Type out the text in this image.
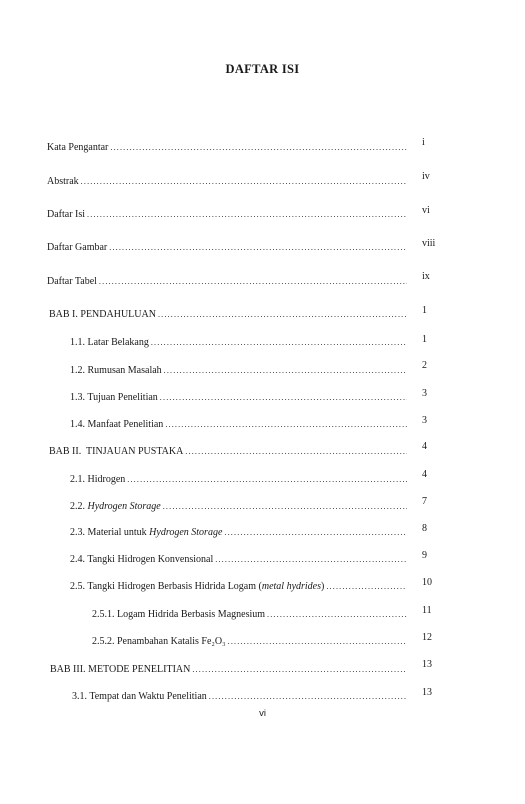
DAFTAR ISI
Kata Pengantar .....	i
Abstrak .....	iv
Daftar Isi .....	vi
Daftar Gambar .....	viii
Daftar Tabel .....	ix
BAB I. PENDAHULUAN .....	1
1.1. Latar Belakang .....	1
1.2. Rumusan Masalah .....	2
1.3. Tujuan Penelitian .....	3
1.4. Manfaat Penelitian .....	3
BAB II.  TINJAUAN PUSTAKA .....	4
2.1. Hidrogen .....	4
2.2. Hydrogen Storage .....	7
2.3. Material untuk Hydrogen Storage .....	8
2.4. Tangki Hidrogen Konvensional .....	9
2.5. Tangki Hidrogen Berbasis Hidrida Logam (metal hydrides) .....	10
2.5.1. Logam Hidrida Berbasis Magnesium .....	11
2.5.2. Penambahan Katalis Fe₂O₃ .....	12
BAB III. METODE PENELITIAN .....	13
3.1. Tempat dan Waktu Penelitian .....	13
vi
